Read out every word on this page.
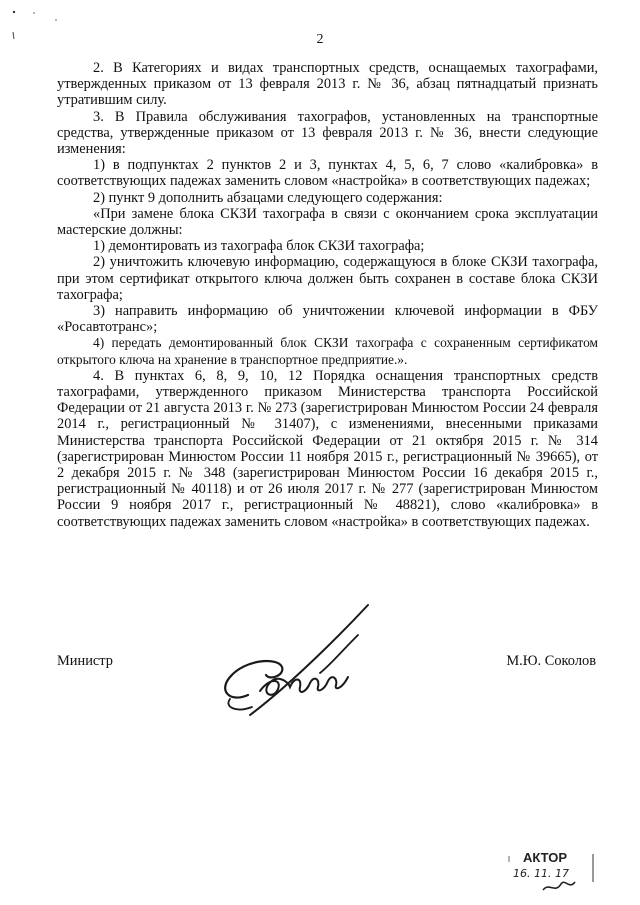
2

2. В Категориях и видах транспортных средств, оснащаемых тахографами, утвержденных приказом от 13 февраля 2013 г. № 36, абзац пятнадцатый признать утратившим силу.

3. В Правила обслуживания тахографов, установленных на транспортные средства, утвержденные приказом от 13 февраля 2013 г. № 36, внести следующие изменения:

1) в подпунктах 2 пунктов 2 и 3, пунктах 4, 5, 6, 7 слово «калибровка» в соответствующих падежах заменить словом «настройка» в соответствующих падежах;

2) пункт 9 дополнить абзацами следующего содержания:

«При замене блока СКЗИ тахографа в связи с окончанием срока эксплуатации мастерские должны:

1) демонтировать из тахографа блок СКЗИ тахографа;

2) уничтожить ключевую информацию, содержащуюся в блоке СКЗИ тахографа, при этом сертификат открытого ключа должен быть сохранен в составе блока СКЗИ тахографа;

3) направить информацию об уничтожении ключевой информации в ФБУ «Росавтотранс»;

4) передать демонтированный блок СКЗИ тахографа с сохраненным сертификатом открытого ключа на хранение в транспортное предприятие.».

4. В пунктах 6, 8, 9, 10, 12 Порядка оснащения транспортных средств тахографами, утвержденного приказом Министерства транспорта Российской Федерации от 21 августа 2013 г. № 273 (зарегистрирован Минюстом России 24 февраля 2014 г., регистрационный № 31407), с изменениями, внесенными приказами Министерства транспорта Российской Федерации от 21 октября 2015 г. № 314 (зарегистрирован Минюстом России 11 ноября 2015 г., регистрационный № 39665), от 2 декабря 2015 г. № 348 (зарегистрирован Минюстом России 16 декабря 2015 г., регистрационный № 40118) и от 26 июля 2017 г. № 277 (зарегистрирован Минюстом России 9 ноября 2017 г., регистрационный № 48821), слово «калибровка» в соответствующих падежах заменить словом «настройка» в соответствующих падежах.

Министр	М.Ю. Соколов
АКТОР
16. 11. 17
